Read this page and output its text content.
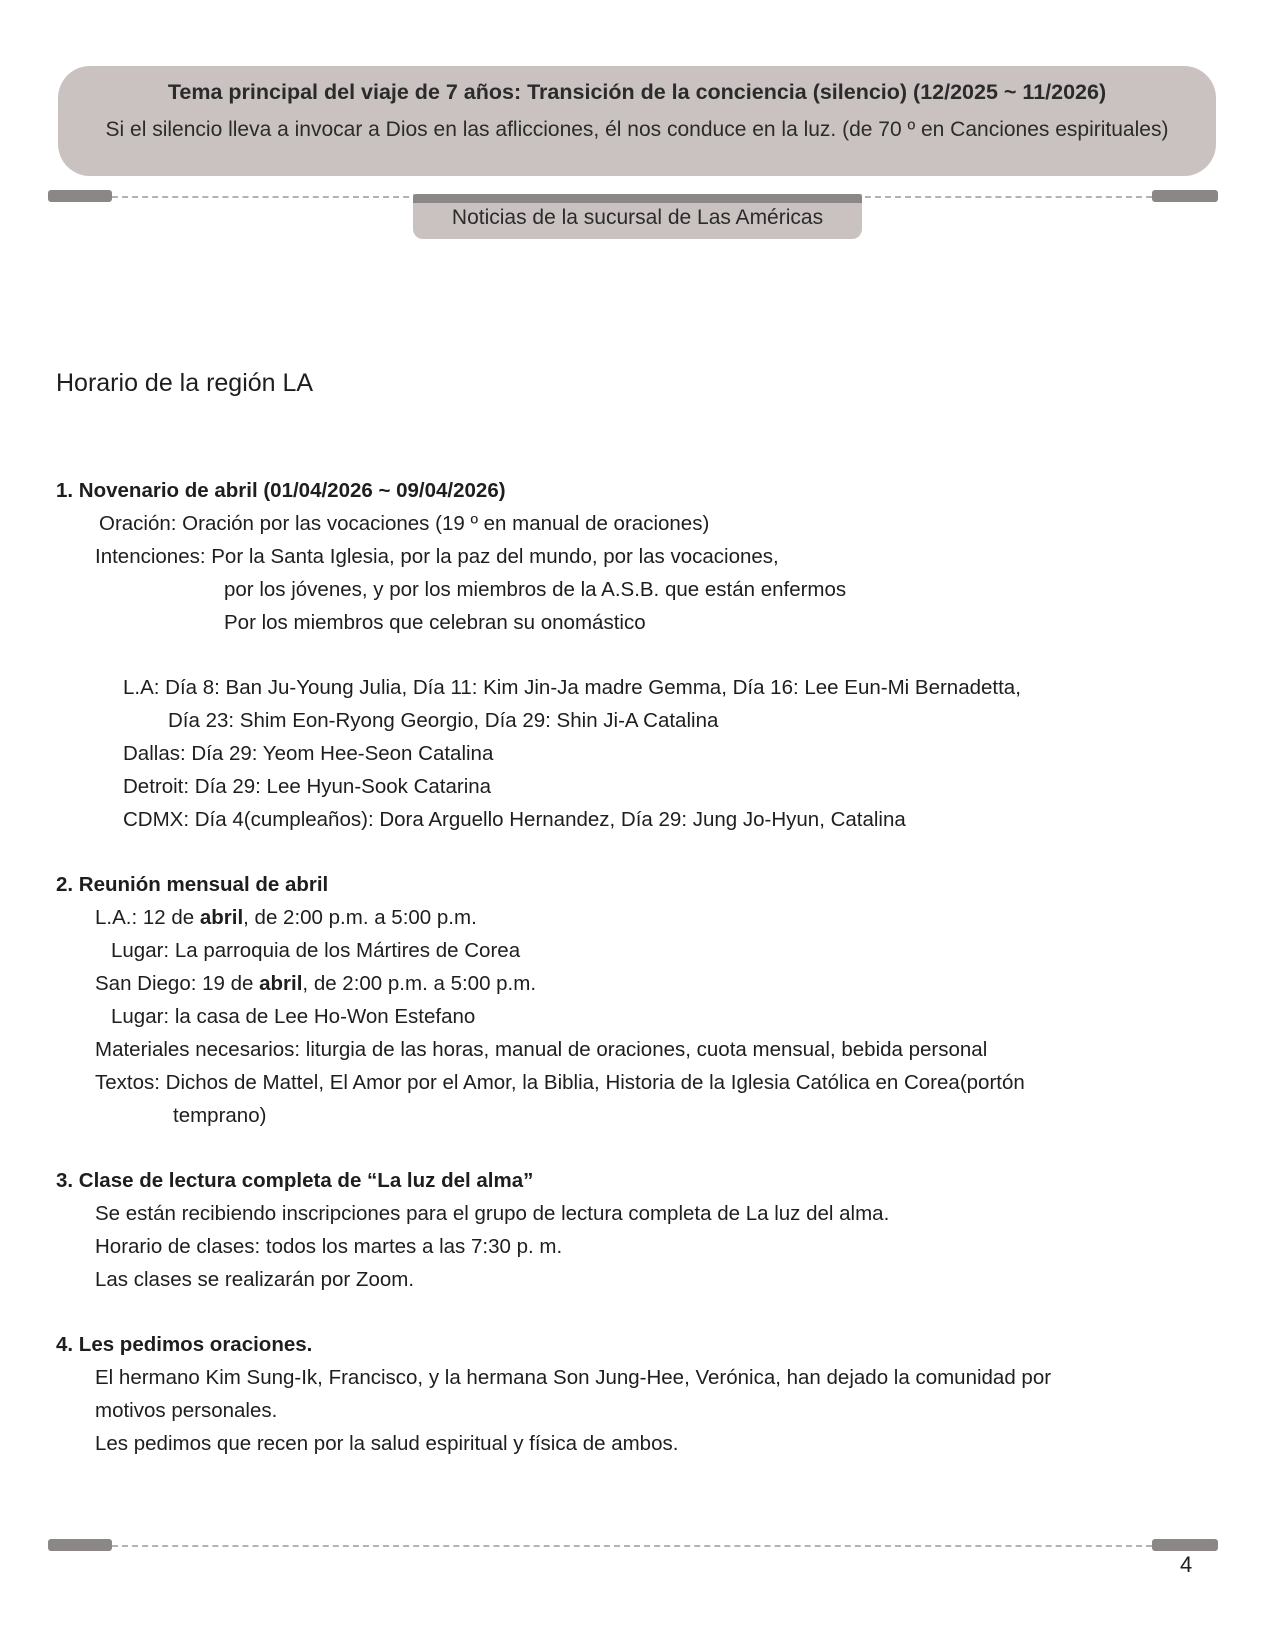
Tema principal del viaje de 7 años: Transición de la conciencia (silencio) (12/2025 ~ 11/2026)
Si el silencio lleva a invocar a Dios en las aflicciones, él nos conduce en la luz. (de 70 º en Canciones espirituales)
Noticias de la sucursal de Las Américas
Horario de la región LA
1. Novenario de abril (01/04/2026 ~ 09/04/2026)
Oración: Oración por las vocaciones (19 º en manual de oraciones)
Intenciones: Por la Santa Iglesia, por la paz del mundo, por las vocaciones,
por los jóvenes, y por los miembros de la A.S.B. que están enfermos
Por los miembros que celebran su onomástico
L.A: Día 8: Ban Ju-Young Julia, Día 11: Kim Jin-Ja madre Gemma, Día 16: Lee Eun-Mi Bernadetta,
Día 23: Shim Eon-Ryong Georgio, Día 29: Shin Ji-A Catalina
Dallas: Día 29: Yeom Hee-Seon Catalina
Detroit: Día 29: Lee Hyun-Sook Catarina
CDMX: Día 4(cumpleaños): Dora Arguello Hernandez, Día 29: Jung Jo-Hyun, Catalina
2. Reunión mensual de abril
L.A.: 12 de abril, de 2:00 p.m. a 5:00 p.m.
Lugar: La parroquia de los Mártires de Corea
San Diego: 19 de abril, de 2:00 p.m. a 5:00 p.m.
Lugar: la casa de Lee Ho-Won Estefano
Materiales necesarios: liturgia de las horas, manual de oraciones, cuota mensual, bebida personal
Textos: Dichos de Mattel, El Amor por el Amor, la Biblia, Historia de la Iglesia Católica en Corea(portón
temprano)
3. Clase de lectura completa de “La luz del alma”
Se están recibiendo inscripciones para el grupo de lectura completa de La luz del alma.
Horario de clases: todos los martes a las 7:30 p. m.
Las clases se realizarán por Zoom.
4. Les pedimos oraciones.
El hermano Kim Sung-Ik, Francisco, y la hermana Son Jung-Hee, Verónica, han dejado la comunidad por
motivos personales.
Les pedimos que recen por la salud espiritual y física de ambos.
4
